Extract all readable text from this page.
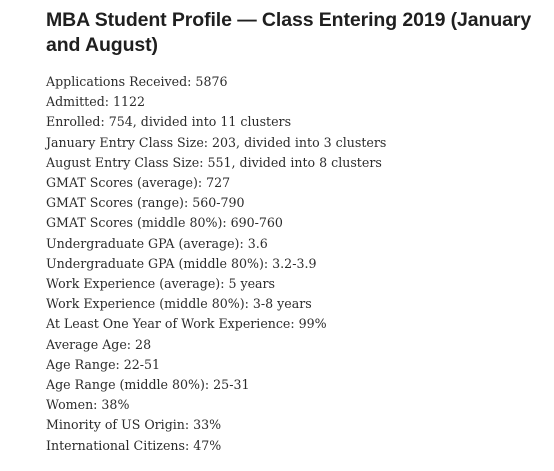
MBA Student Profile — Class Entering 2019 (January and August)
Applications Received: 5876
Admitted: 1122
Enrolled: 754, divided into 11 clusters
January Entry Class Size: 203, divided into 3 clusters
August Entry Class Size: 551, divided into 8 clusters
GMAT Scores (average): 727
GMAT Scores (range): 560-790
GMAT Scores (middle 80%): 690-760
Undergraduate GPA (average): 3.6
Undergraduate GPA (middle 80%): 3.2-3.9
Work Experience (average): 5 years
Work Experience (middle 80%): 3-8 years
At Least One Year of Work Experience: 99%
Average Age: 28
Age Range: 22-51
Age Range (middle 80%): 25-31
Women: 38%
Minority of US Origin: 33%
International Citizens: 47%
